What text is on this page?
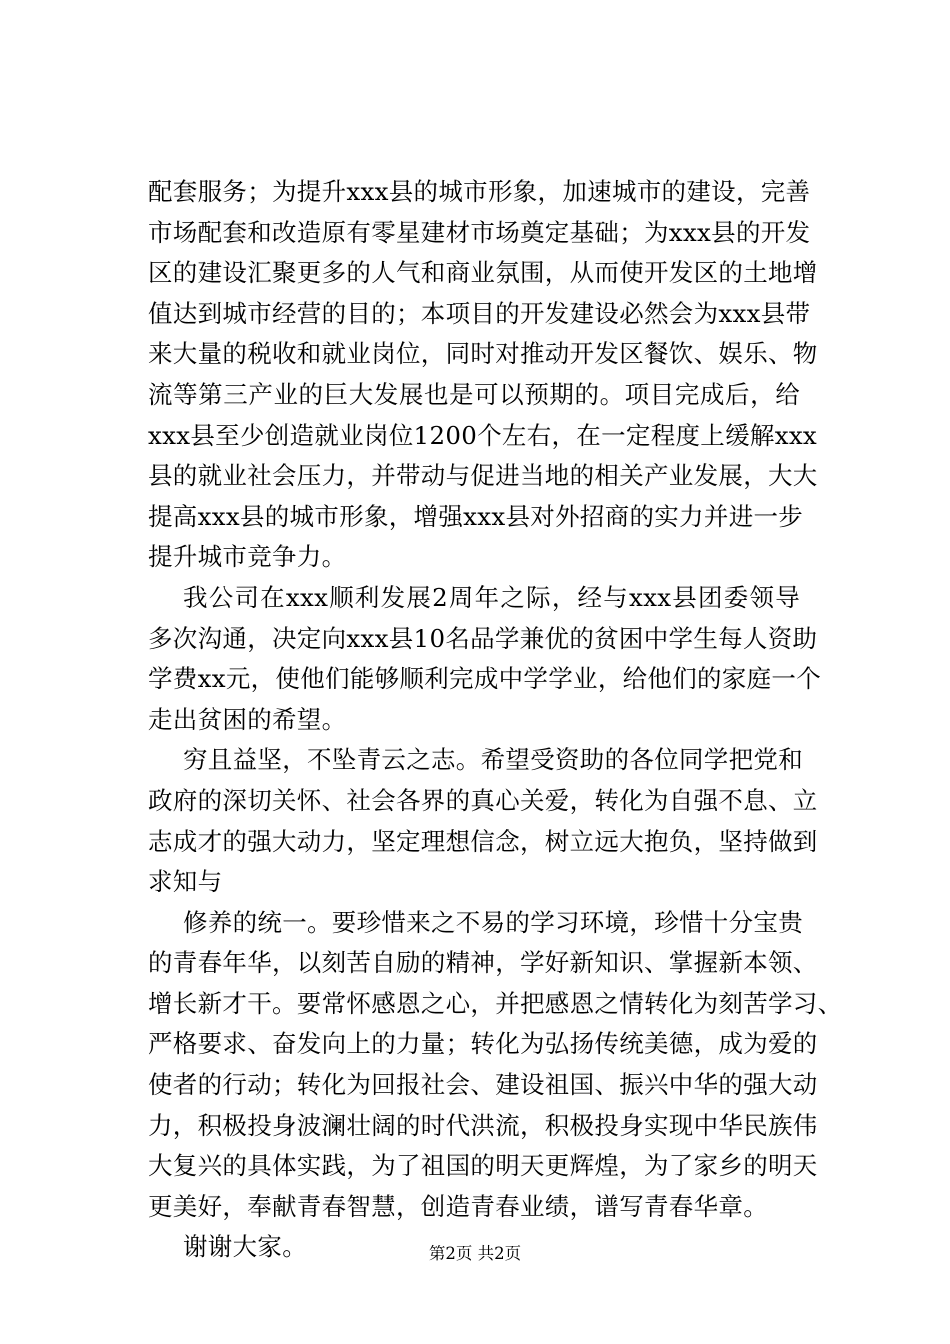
配套服务；为提升xxx县的城市形象，加速城市的建设，完善
市场配套和改造原有零星建材市场奠定基础；为xxx县的开发
区的建设汇聚更多的人气和商业氛围，从而使开发区的土地增
值达到城市经营的目的；本项目的开发建设必然会为xxx县带
来大量的税收和就业岗位，同时对推动开发区餐饮、娱乐、物
流等第三产业的巨大发展也是可以预期的。项目完成后，给
xxx县至少创造就业岗位1200个左右，在一定程度上缓解xxx
县的就业社会压力，并带动与促进当地的相关产业发展，大大
提高xxx县的城市形象，增强xxx县对外招商的实力并进一步
提升城市竞争力。
我公司在xxx顺利发展2周年之际，经与xxx县团委领导
多次沟通，决定向xxx县10名品学兼优的贫困中学生每人资助
学费xx元，使他们能够顺利完成中学学业，给他们的家庭一个
走出贫困的希望。
穷且益坚，不坠青云之志。希望受资助的各位同学把党和
政府的深切关怀、社会各界的真心关爱，转化为自强不息、立
志成才的强大动力，坚定理想信念，树立远大抱负，坚持做到
求知与
修养的统一。要珍惜来之不易的学习环境，珍惜十分宝贵
的青春年华，以刻苦自励的精神，学好新知识、掌握新本领、
增长新才干。要常怀感恩之心，并把感恩之情转化为刻苦学习、
严格要求、奋发向上的力量；转化为弘扬传统美德，成为爱的
使者的行动；转化为回报社会、建设祖国、振兴中华的强大动
力，积极投身波澜壮阔的时代洪流，积极投身实现中华民族伟
大复兴的具体实践，为了祖国的明天更辉煌，为了家乡的明天
更美好，奉献青春智慧，创造青春业绩，谱写青春华章。
谢谢大家。	第2页 共2页
